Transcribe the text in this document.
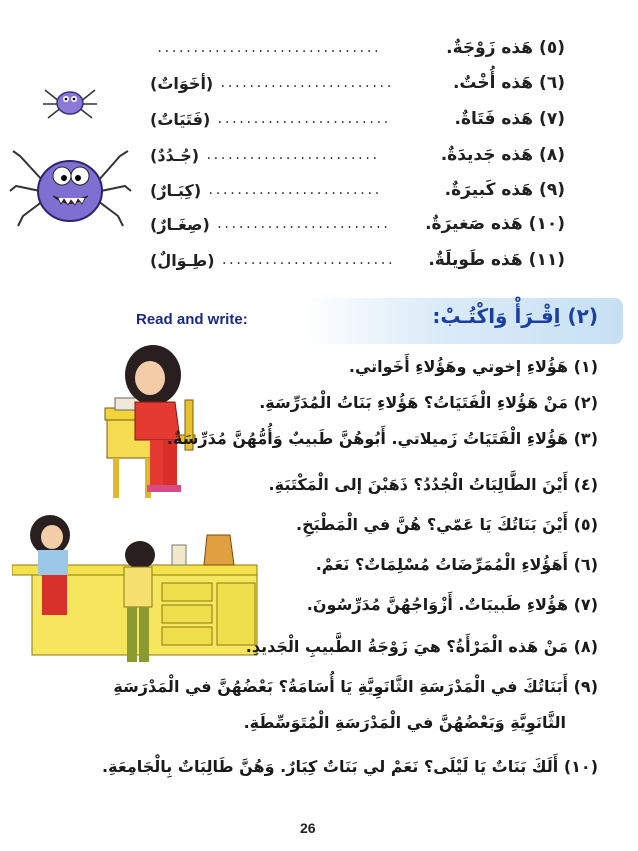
(٥)
هَذه زَوْجَةٌ.
...............................
(٦)
هَذه أُخْتٌ.
........................
(أخَوَاتٌ)
(٧)
هَذه فَتَاةٌ.
........................
(فَتَيَاتٌ)
(٨)
هَذه جَديدَةٌ.
........................
(جُـدُدٌ)
(٩)
هَذه كَبيرَةٌ.
........................
(كِبَـارٌ)
(١٠)
هَذه صَغيرَةٌ.
........................
(صِغَـارٌ)
(١١)
هَذه طَويلَةٌ.
........................
(طِـوَالٌ)
(٢) اِقْـرَأْ وَاكْتُـبْ:
Read and write:
(١) هَؤُلاءِ إخوتي وهَؤُلاءِ أَخَواتي.
(٢) مَنْ هَؤُلاءِ الْفَتَيَاتُ؟ هَؤُلاءِ بَنَاتُ الْمُدَرِّسَةِ.
(٣) هَؤُلاءِ الْفَتَيَاتُ زَميلاتي. أَبُوهُنَّ طَبيبٌ وَأُمُّهُنَّ مُدَرِّسَةٌ.
(٤) أَيْنَ الطَّالِبَاتُ الْجُدُدُ؟ ذَهَبْنَ إلى الْمَكْتَبَةِ.
(٥) أَيْنَ بَنَاتُكَ يَا عَمّي؟ هُنَّ في الْمَطْبَخِ.
(٦) أَهَؤُلاءِ الْمُمَرِّضَاتُ مُسْلِمَاتٌ؟ نَعَمْ.
(٧) هَؤُلاءِ طَبيبَاتٌ. أَزْوَاجُهُنَّ مُدَرِّسُونَ.
(٨) مَنْ هَذه الْمَرْأَةُ؟ هيَ زَوْجَةُ الطَّبيبِ الْجَديدِ.
(٩) أَبَنَاتُكَ في الْمَدْرَسَةِ الثَّانَوِيَّةِ يَا أُسَامَةُ؟ بَعْضُهُنَّ في الْمَدْرَسَةِ
الثَّانَوِيَّةِ وَبَعْضُهُنَّ في الْمَدْرَسَةِ الْمُتَوَسِّطَةِ.
(١٠) أَلَكَ بَنَاتٌ يَا لَيْلَى؟ نَعَمْ لي بَنَاتٌ كِبَارٌ. وَهُنَّ طَالِبَاتٌ بِالْجَامِعَةِ.
26
